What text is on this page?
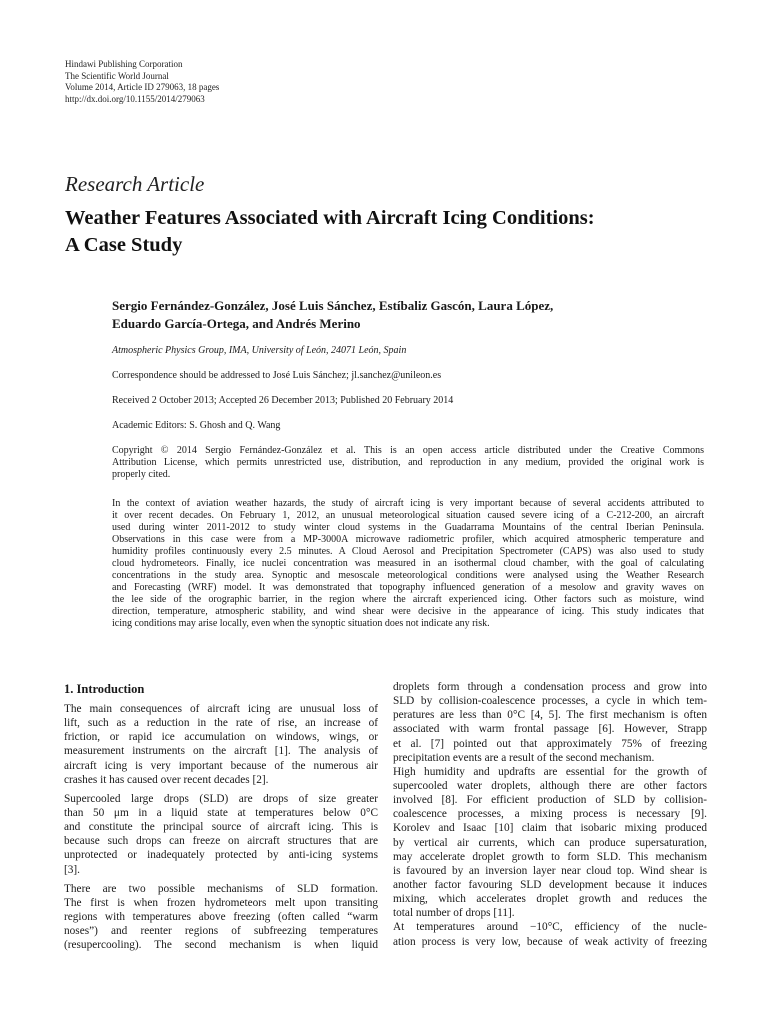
Hindawi Publishing Corporation
The Scientific World Journal
Volume 2014, Article ID 279063, 18 pages
http://dx.doi.org/10.1155/2014/279063
Research Article
Weather Features Associated with Aircraft Icing Conditions:
A Case Study
Sergio Fernández-González, José Luis Sánchez, Estíbaliz Gascón, Laura López,
Eduardo García-Ortega, and Andrés Merino
Atmospheric Physics Group, IMA, University of León, 24071 León, Spain
Correspondence should be addressed to José Luis Sánchez; jl.sanchez@unileon.es
Received 2 October 2013; Accepted 26 December 2013; Published 20 February 2014
Academic Editors: S. Ghosh and Q. Wang
Copyright © 2014 Sergio Fernández-González et al. This is an open access article distributed under the Creative Commons
Attribution License, which permits unrestricted use, distribution, and reproduction in any medium, provided the original work is
properly cited.
In the context of aviation weather hazards, the study of aircraft icing is very important because of several accidents attributed to
it over recent decades. On February 1, 2012, an unusual meteorological situation caused severe icing of a C-212-200, an aircraft
used during winter 2011-2012 to study winter cloud systems in the Guadarrama Mountains of the central Iberian Peninsula.
Observations in this case were from a MP-3000A microwave radiometric profiler, which acquired atmospheric temperature and
humidity profiles continuously every 2.5 minutes. A Cloud Aerosol and Precipitation Spectrometer (CAPS) was also used to study
cloud hydrometeors. Finally, ice nuclei concentration was measured in an isothermal cloud chamber, with the goal of calculating
concentrations in the study area. Synoptic and mesoscale meteorological conditions were analysed using the Weather Research
and Forecasting (WRF) model. It was demonstrated that topography influenced generation of a mesolow and gravity waves on
the lee side of the orographic barrier, in the region where the aircraft experienced icing. Other factors such as moisture, wind
direction, temperature, atmospheric stability, and wind shear were decisive in the appearance of icing. This study indicates that
icing conditions may arise locally, even when the synoptic situation does not indicate any risk.
1. Introduction
The main consequences of aircraft icing are unusual loss of
lift, such as a reduction in the rate of rise, an increase of
friction, or rapid ice accumulation on windows, wings, or
measurement instruments on the aircraft [1]. The analysis of
aircraft icing is very important because of the numerous air
crashes it has caused over recent decades [2].
Supercooled large drops (SLD) are drops of size greater
than 50 μm in a liquid state at temperatures below 0°C
and constitute the principal source of aircraft icing. This is
because such drops can freeze on aircraft structures that are
unprotected or inadequately protected by anti-icing systems
[3].
There are two possible mechanisms of SLD formation.
The first is when frozen hydrometeors melt upon transiting
regions with temperatures above freezing (often called “warm
noses”) and reenter regions of subfreezing temperatures
(resupercooling). The second mechanism is when liquid
droplets form through a condensation process and grow into
SLD by collision-coalescence processes, a cycle in which tem-
peratures are less than 0°C [4, 5]. The first mechanism is often
associated with warm frontal passage [6]. However, Strapp
et al. [7] pointed out that approximately 75% of freezing
precipitation events are a result of the second mechanism.
High humidity and updrafts are essential for the growth of
supercooled water droplets, although there are other factors
involved [8]. For efficient production of SLD by collision-
coalescence processes, a mixing process is necessary [9].
Korolev and Isaac [10] claim that isobaric mixing produced
by vertical air currents, which can produce supersaturation,
may accelerate droplet growth to form SLD. This mechanism
is favoured by an inversion layer near cloud top. Wind shear is
another factor favouring SLD development because it induces
mixing, which accelerates droplet growth and reduces the
total number of drops [11].
At temperatures around −10°C, efficiency of the nucle-
ation process is very low, because of weak activity of freezing
